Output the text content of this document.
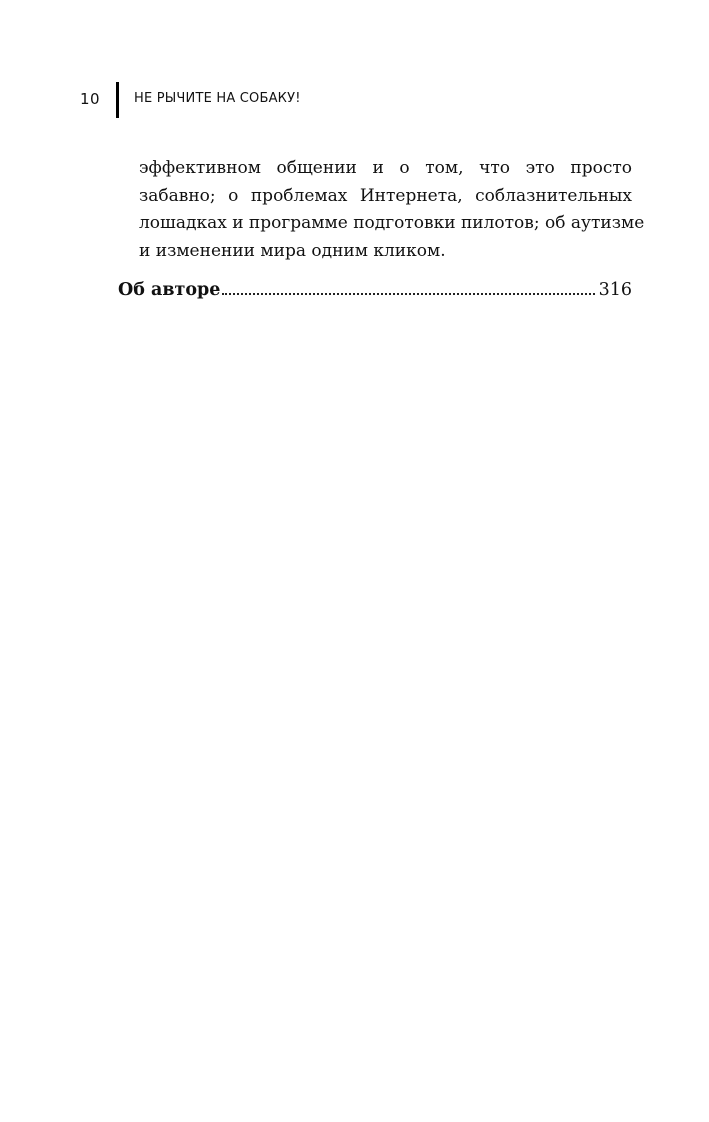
10	НЕ РЫЧИТЕ НА СОБАКУ!

эффективном общении и о том, что это просто
забавно; о проблемах Интернета, соблазнительных
лошадках и программе подготовки пилотов; об аутизме
и изменении мира одним кликом.

Об авторе	316
